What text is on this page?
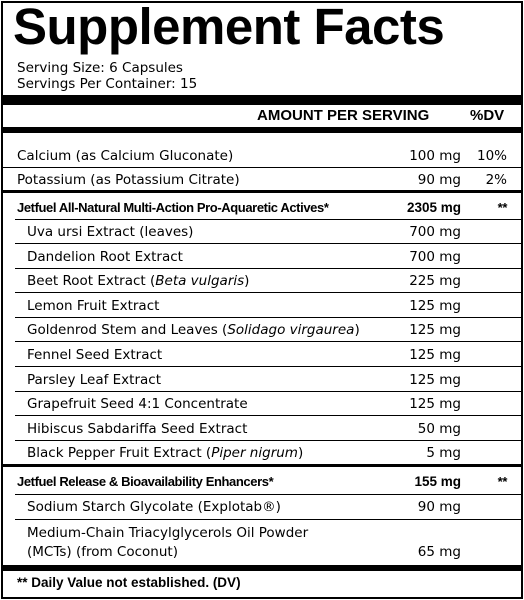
Supplement Facts
Serving Size: 6 Capsules
Servings Per Container: 15
AMOUNT PER SERVING	%DV
Calcium (as Calcium Gluconate)	100 mg	10%
Potassium (as Potassium Citrate)	90 mg	2%
Jetfuel All-Natural Multi-Action Pro-Aquaretic Actives*	2305 mg	**
Uva ursi Extract (leaves)	700 mg
Dandelion Root Extract	700 mg
Beet Root Extract (Beta vulgaris)	225 mg
Lemon Fruit Extract	125 mg
Goldenrod Stem and Leaves (Solidago virgaurea)	125 mg
Fennel Seed Extract	125 mg
Parsley Leaf Extract	125 mg
Grapefruit Seed 4:1 Concentrate	125 mg
Hibiscus Sabdariffa Seed Extract	50 mg
Black Pepper Fruit Extract (Piper nigrum)	5 mg
Jetfuel Release & Bioavailability Enhancers*	155 mg	**
Sodium Starch Glycolate (Explotab®)	90 mg
Medium-Chain Triacylglycerols Oil Powder
(MCTs) (from Coconut)	65 mg
** Daily Value not established. (DV)
